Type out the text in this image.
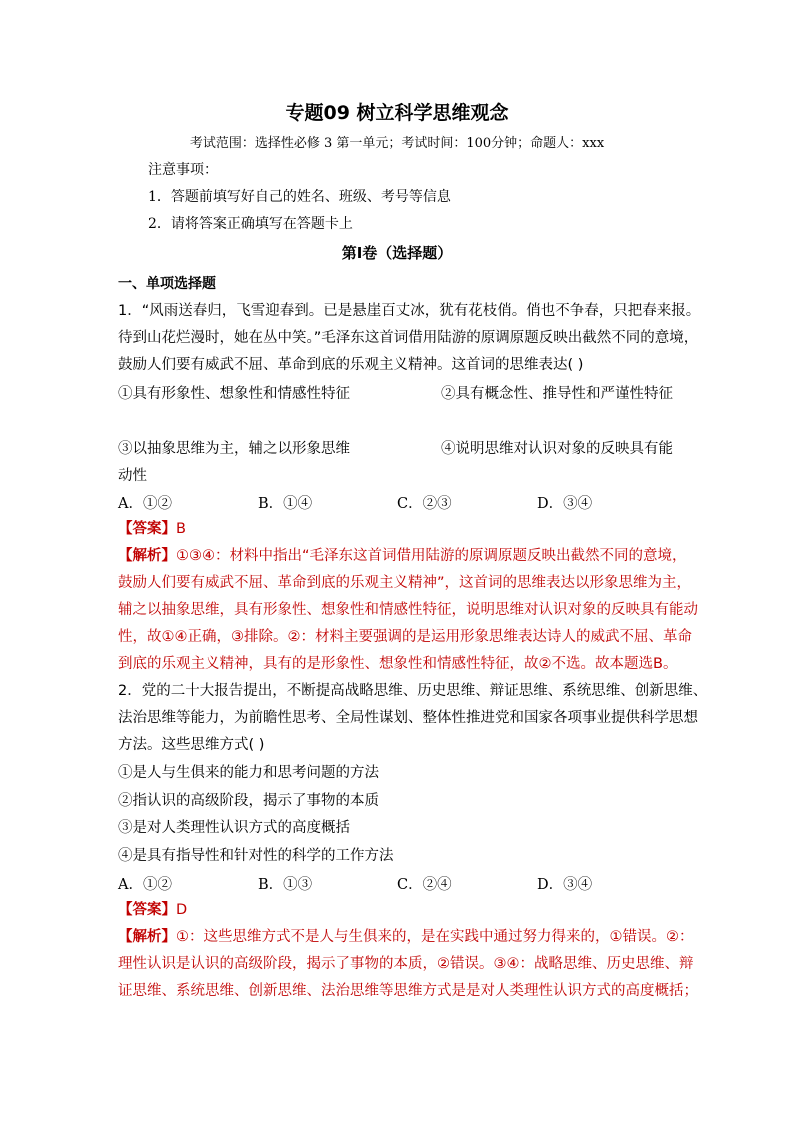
专题09 树立科学思维观念
考试范围：选择性必修 3 第一单元；考试时间：100分钟；命题人：xxx
注意事项：
1．答题前填写好自己的姓名、班级、考号等信息
2．请将答案正确填写在答题卡上
第I卷（选择题）
一、单项选择题
1．“风雨送春归，飞雪迎春到。已是悬崖百丈冰，犹有花枝俏。俏也不争春，只把春来报。
待到山花烂漫时，她在丛中笑。”毛泽东这首词借用陆游的原调原题反映出截然不同的意境，
鼓励人们要有威武不屈、革命到底的乐观主义精神。这首词的思维表达( )
①具有形象性、想象性和情感性特征	②具有概念性、推导性和严谨性特征
③以抽象思维为主，辅之以形象思维	④说明思维对认识对象的反映具有能
动性
A．①②	B．①④	C．②③	D．③④
【答案】B
【解析】①③④：材料中指出“毛泽东这首词借用陆游的原调原题反映出截然不同的意境，
鼓励人们要有威武不屈、革命到底的乐观主义精神”，这首词的思维表达以形象思维为主，
辅之以抽象思维，具有形象性、想象性和情感性特征，说明思维对认识对象的反映具有能动
性，故①④正确，③排除。②：材料主要强调的是运用形象思维表达诗人的威武不屈、革命
到底的乐观主义精神，具有的是形象性、想象性和情感性特征，故②不选。故本题选B。
2．党的二十大报告提出，不断提高战略思维、历史思维、辩证思维、系统思维、创新思维、
法治思维等能力，为前瞻性思考、全局性谋划、整体性推进党和国家各项事业提供科学思想
方法。这些思维方式( )
①是人与生俱来的能力和思考问题的方法
②指认识的高级阶段，揭示了事物的本质
③是对人类理性认识方式的高度概括
④是具有指导性和针对性的科学的工作方法
A．①②	B．①③	C．②④	D．③④
【答案】D
【解析】①：这些思维方式不是人与生俱来的，是在实践中通过努力得来的，①错误。②：
理性认识是认识的高级阶段，揭示了事物的本质，②错误。③④：战略思维、历史思维、辩
证思维、系统思维、创新思维、法治思维等思维方式是是对人类理性认识方式的高度概括；
